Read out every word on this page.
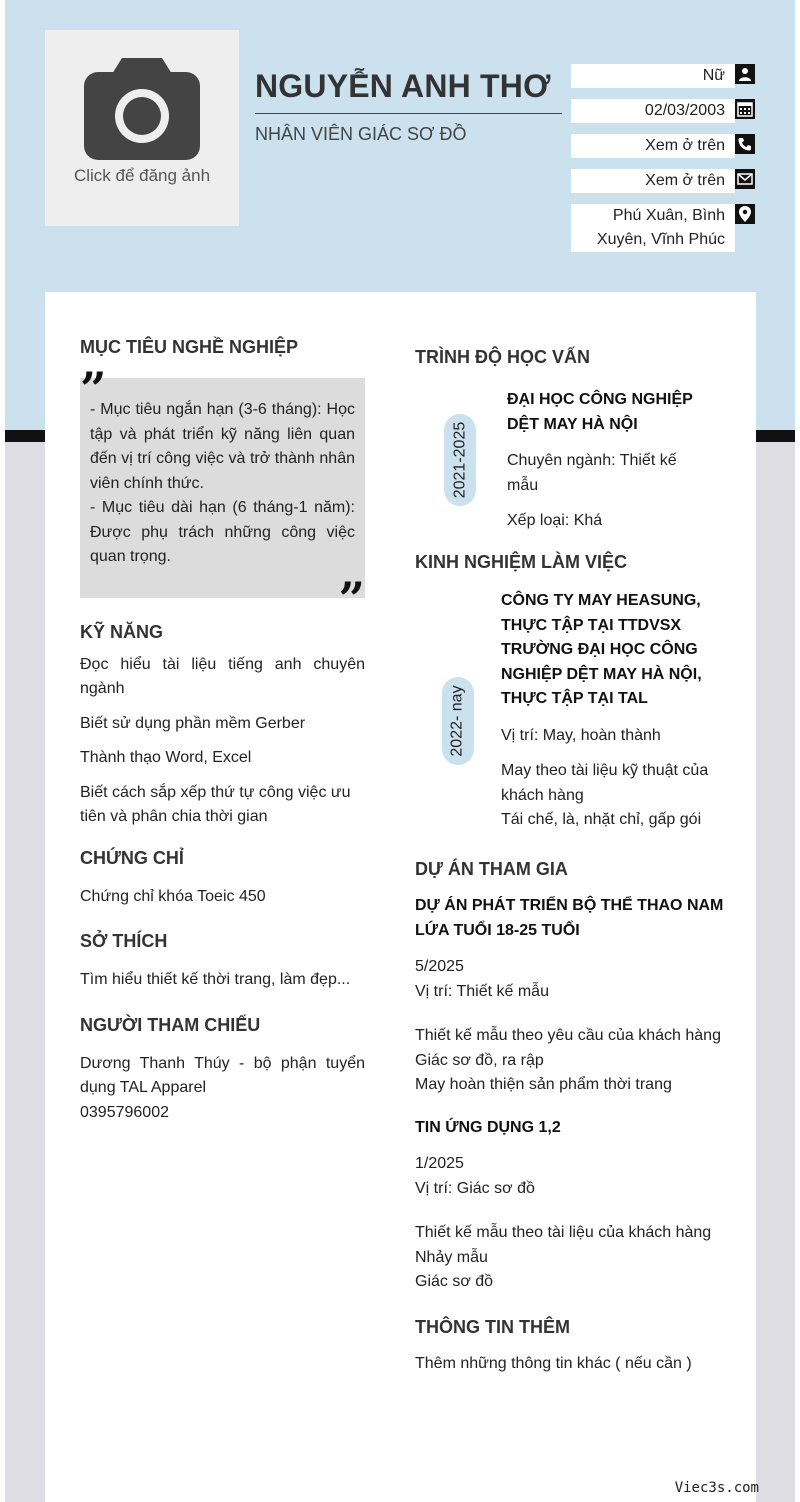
Click để đăng ảnh
NGUYỄN ANH THƠ
NHÂN VIÊN GIÁC SƠ ĐỒ
Nữ
02/03/2003
Xem ở trên
Xem ở trên
Phú Xuân, Bình Xuyên, Vĩnh Phúc
MỤC TIÊU NGHỀ NGHIỆP
”
- Mục tiêu ngắn hạn (3-6 tháng): Học tập và phát triển kỹ năng liên quan đến vị trí công việc và trở thành nhân viên chính thức.
- Mục tiêu dài hạn (6 tháng-1 năm): Được phụ trách những công việc quan trọng.
”
KỸ NĂNG
Đọc hiểu tài liệu tiếng anh chuyên ngành
Biết sử dụng phần mềm Gerber
Thành thạo Word, Excel
Biết cách sắp xếp thứ tự công việc ưu tiên và phân chia thời gian
CHỨNG CHỈ
Chứng chỉ khóa Toeic 450
SỞ THÍCH
Tìm hiểu thiết kế thời trang, làm đẹp...
NGƯỜI THAM CHIẾU
Dương Thanh Thúy - bộ phận tuyển dụng TAL Apparel
0395796002
TRÌNH ĐỘ HỌC VẤN
2021-2025
ĐẠI HỌC CÔNG NGHIỆP DỆT MAY HÀ NỘI
Chuyên ngành: Thiết kế mẫu
Xếp loại: Khá
KINH NGHIỆM LÀM VIỆC
2022- nay
CÔNG TY MAY HEASUNG, THỰC TẬP TẠI TTDVSX TRƯỜNG ĐẠI HỌC CÔNG NGHIỆP DỆT MAY HÀ NỘI, THỰC TẬP TẠI TAL
Vị trí: May, hoàn thành
May theo tài liệu kỹ thuật của khách hàng
Tái chế, là, nhặt chỉ, gấp gói
DỰ ÁN THAM GIA
DỰ ÁN PHÁT TRIỂN BỘ THỂ THAO NAM LỨA TUỔI 18-25 TUỔI
5/2025
Vị trí: Thiết kế mẫu
Thiết kế mẫu theo yêu cầu của khách hàng
Giác sơ đồ, ra rập
May hoàn thiện sản phẩm thời trang
TIN ỨNG DỤNG 1,2
1/2025
Vị trí: Giác sơ đồ
Thiết kế mẫu theo tài liệu của khách hàng
Nhảy mẫu
Giác sơ đồ
THÔNG TIN THÊM
Thêm những thông tin khác ( nếu cần )
Viec3s.com
